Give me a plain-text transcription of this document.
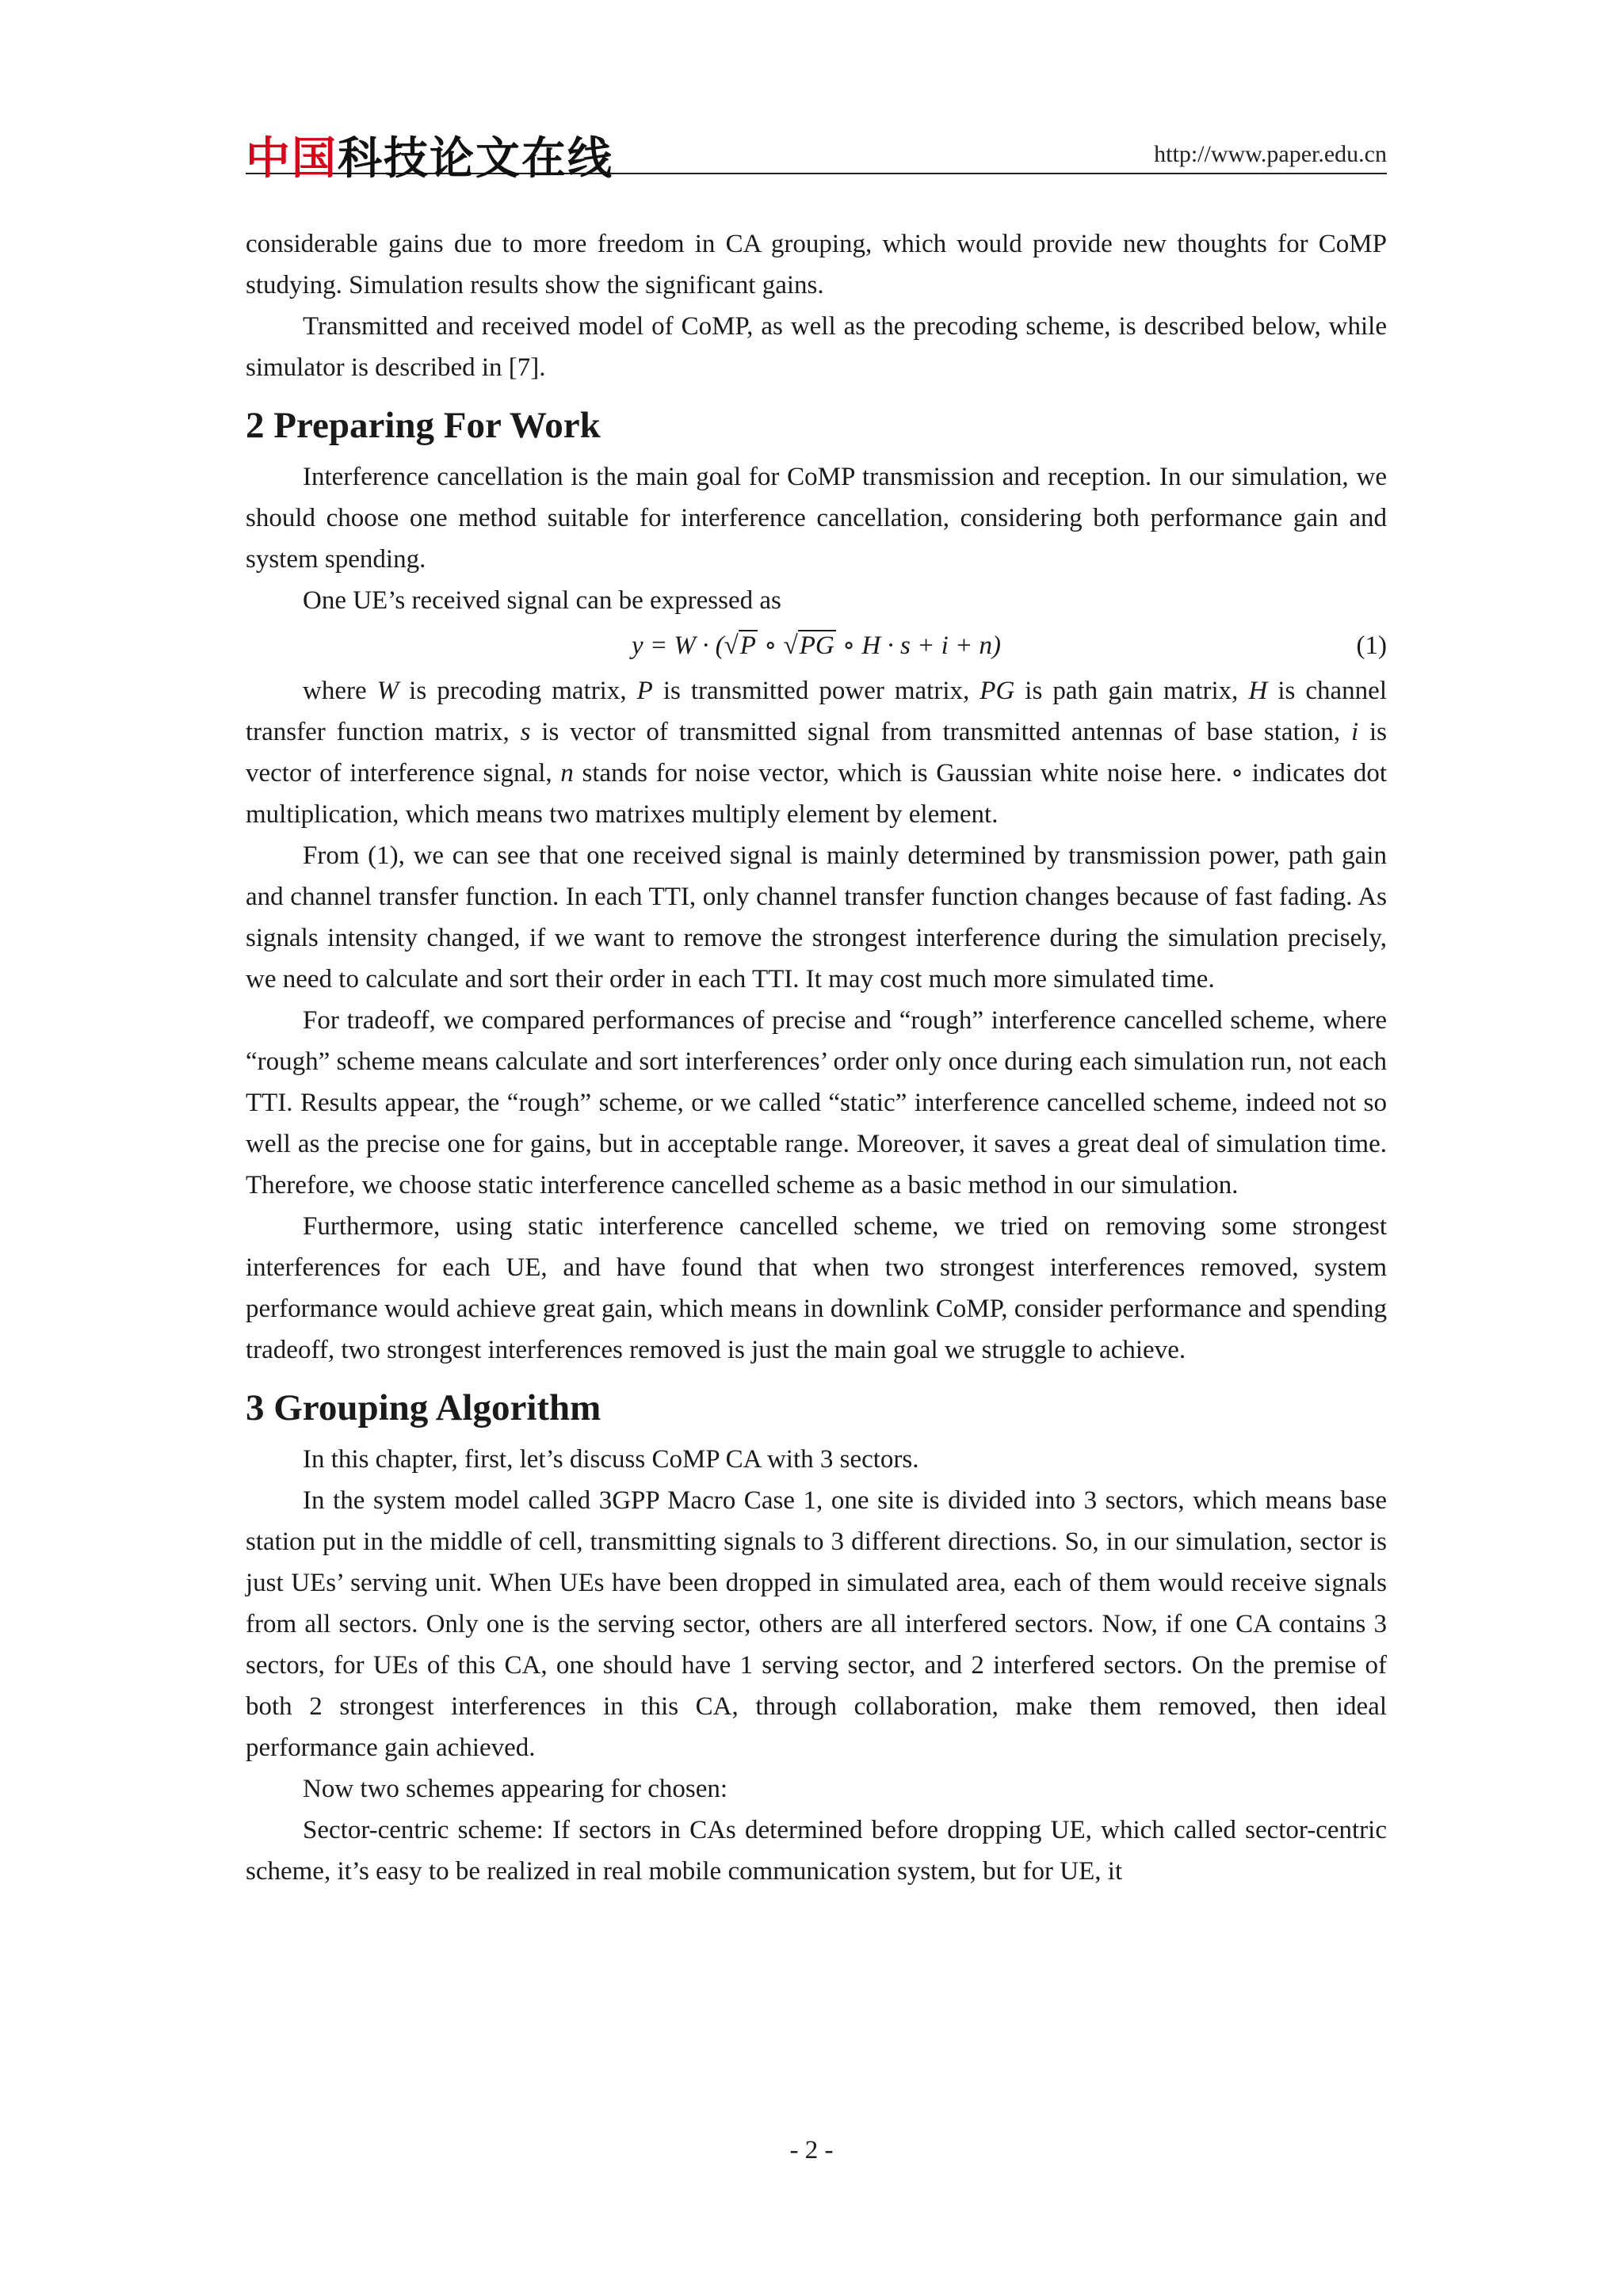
中国科技论文在线	http://www.paper.edu.cn

considerable gains due to more freedom in CA grouping, which would provide new thoughts for CoMP studying. Simulation results show the significant gains.

Transmitted and received model of CoMP, as well as the precoding scheme, is described below, while simulator is described in [7].

2 Preparing For Work

Interference cancellation is the main goal for CoMP transmission and reception. In our simulation, we should choose one method suitable for interference cancellation, considering both performance gain and system spending.

One UE’s received signal can be expressed as

y = W · (√P ∘ √PG ∘ H · s + i + n)	(1)

where W is precoding matrix, P is transmitted power matrix, PG is path gain matrix, H is channel transfer function matrix, s is vector of transmitted signal from transmitted antennas of base station, i is vector of interference signal, n stands for noise vector, which is Gaussian white noise here. ∘ indicates dot multiplication, which means two matrixes multiply element by element.

From (1), we can see that one received signal is mainly determined by transmission power, path gain and channel transfer function. In each TTI, only channel transfer function changes because of fast fading. As signals intensity changed, if we want to remove the strongest interference during the simulation precisely, we need to calculate and sort their order in each TTI. It may cost much more simulated time.

For tradeoff, we compared performances of precise and “rough” interference cancelled scheme, where “rough” scheme means calculate and sort interferences’ order only once during each simulation run, not each TTI. Results appear, the “rough” scheme, or we called “static” interference cancelled scheme, indeed not so well as the precise one for gains, but in acceptable range. Moreover, it saves a great deal of simulation time. Therefore, we choose static interference cancelled scheme as a basic method in our simulation.

Furthermore, using static interference cancelled scheme, we tried on removing some strongest interferences for each UE, and have found that when two strongest interferences removed, system performance would achieve great gain, which means in downlink CoMP, consider performance and spending tradeoff, two strongest interferences removed is just the main goal we struggle to achieve.

3 Grouping Algorithm

In this chapter, first, let’s discuss CoMP CA with 3 sectors.

In the system model called 3GPP Macro Case 1, one site is divided into 3 sectors, which means base station put in the middle of cell, transmitting signals to 3 different directions. So, in our simulation, sector is just UEs’ serving unit. When UEs have been dropped in simulated area, each of them would receive signals from all sectors. Only one is the serving sector, others are all interfered sectors. Now, if one CA contains 3 sectors, for UEs of this CA, one should have 1 serving sector, and 2 interfered sectors. On the premise of both 2 strongest interferences in this CA, through collaboration, make them removed, then ideal performance gain achieved.

Now two schemes appearing for chosen:

Sector-centric scheme: If sectors in CAs determined before dropping UE, which called sector-centric scheme, it’s easy to be realized in real mobile communication system, but for UE, it

- 2 -
